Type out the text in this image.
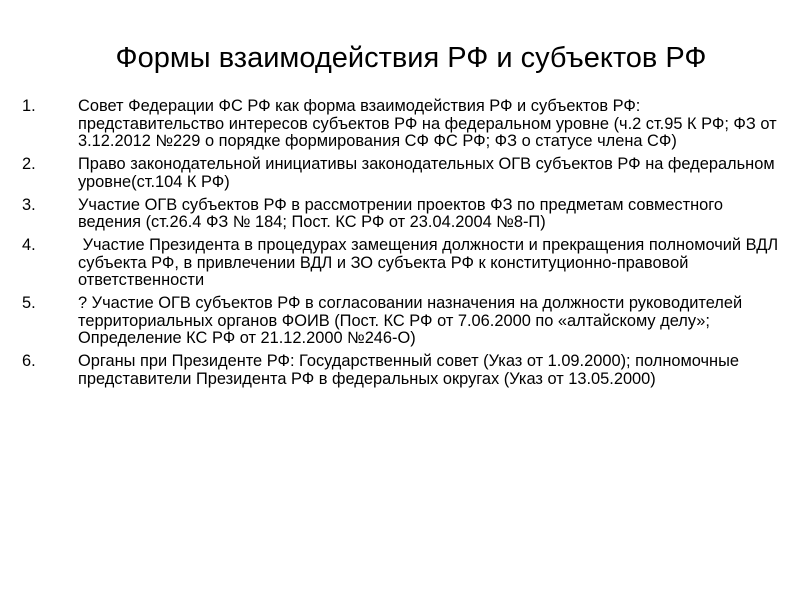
Формы взаимодействия РФ и субъектов РФ
1.	Совет Федерации ФС РФ как форма взаимодействия РФ и субъектов РФ: представительство интересов субъектов РФ на федеральном уровне (ч.2 ст.95 К РФ; ФЗ от 3.12.2012 №229 о порядке формирования СФ ФС РФ; ФЗ о статусе члена СФ)
2.	Право законодательной инициативы законодательных ОГВ субъектов РФ на федеральном уровне(ст.104 К РФ)
3.	Участие ОГВ субъектов РФ в рассмотрении проектов ФЗ по предметам совместного ведения (ст.26.4 ФЗ № 184; Пост. КС РФ от 23.04.2004 №8-П)
4.	Участие Президента в процедурах замещения должности и прекращения полномочий ВДЛ субъекта РФ, в привлечении ВДЛ и ЗО субъекта РФ к конституционно-правовой ответственности
5.	? Участие ОГВ субъектов РФ в согласовании назначения на должности руководителей территориальных органов ФОИВ (Пост. КС РФ от 7.06.2000 по «алтайскому делу»; Определение КС РФ от 21.12.2000 №246-О)
6.	Органы при Президенте РФ: Государственный совет (Указ от 1.09.2000); полномочные представители Президента РФ в федеральных округах (Указ от 13.05.2000)
